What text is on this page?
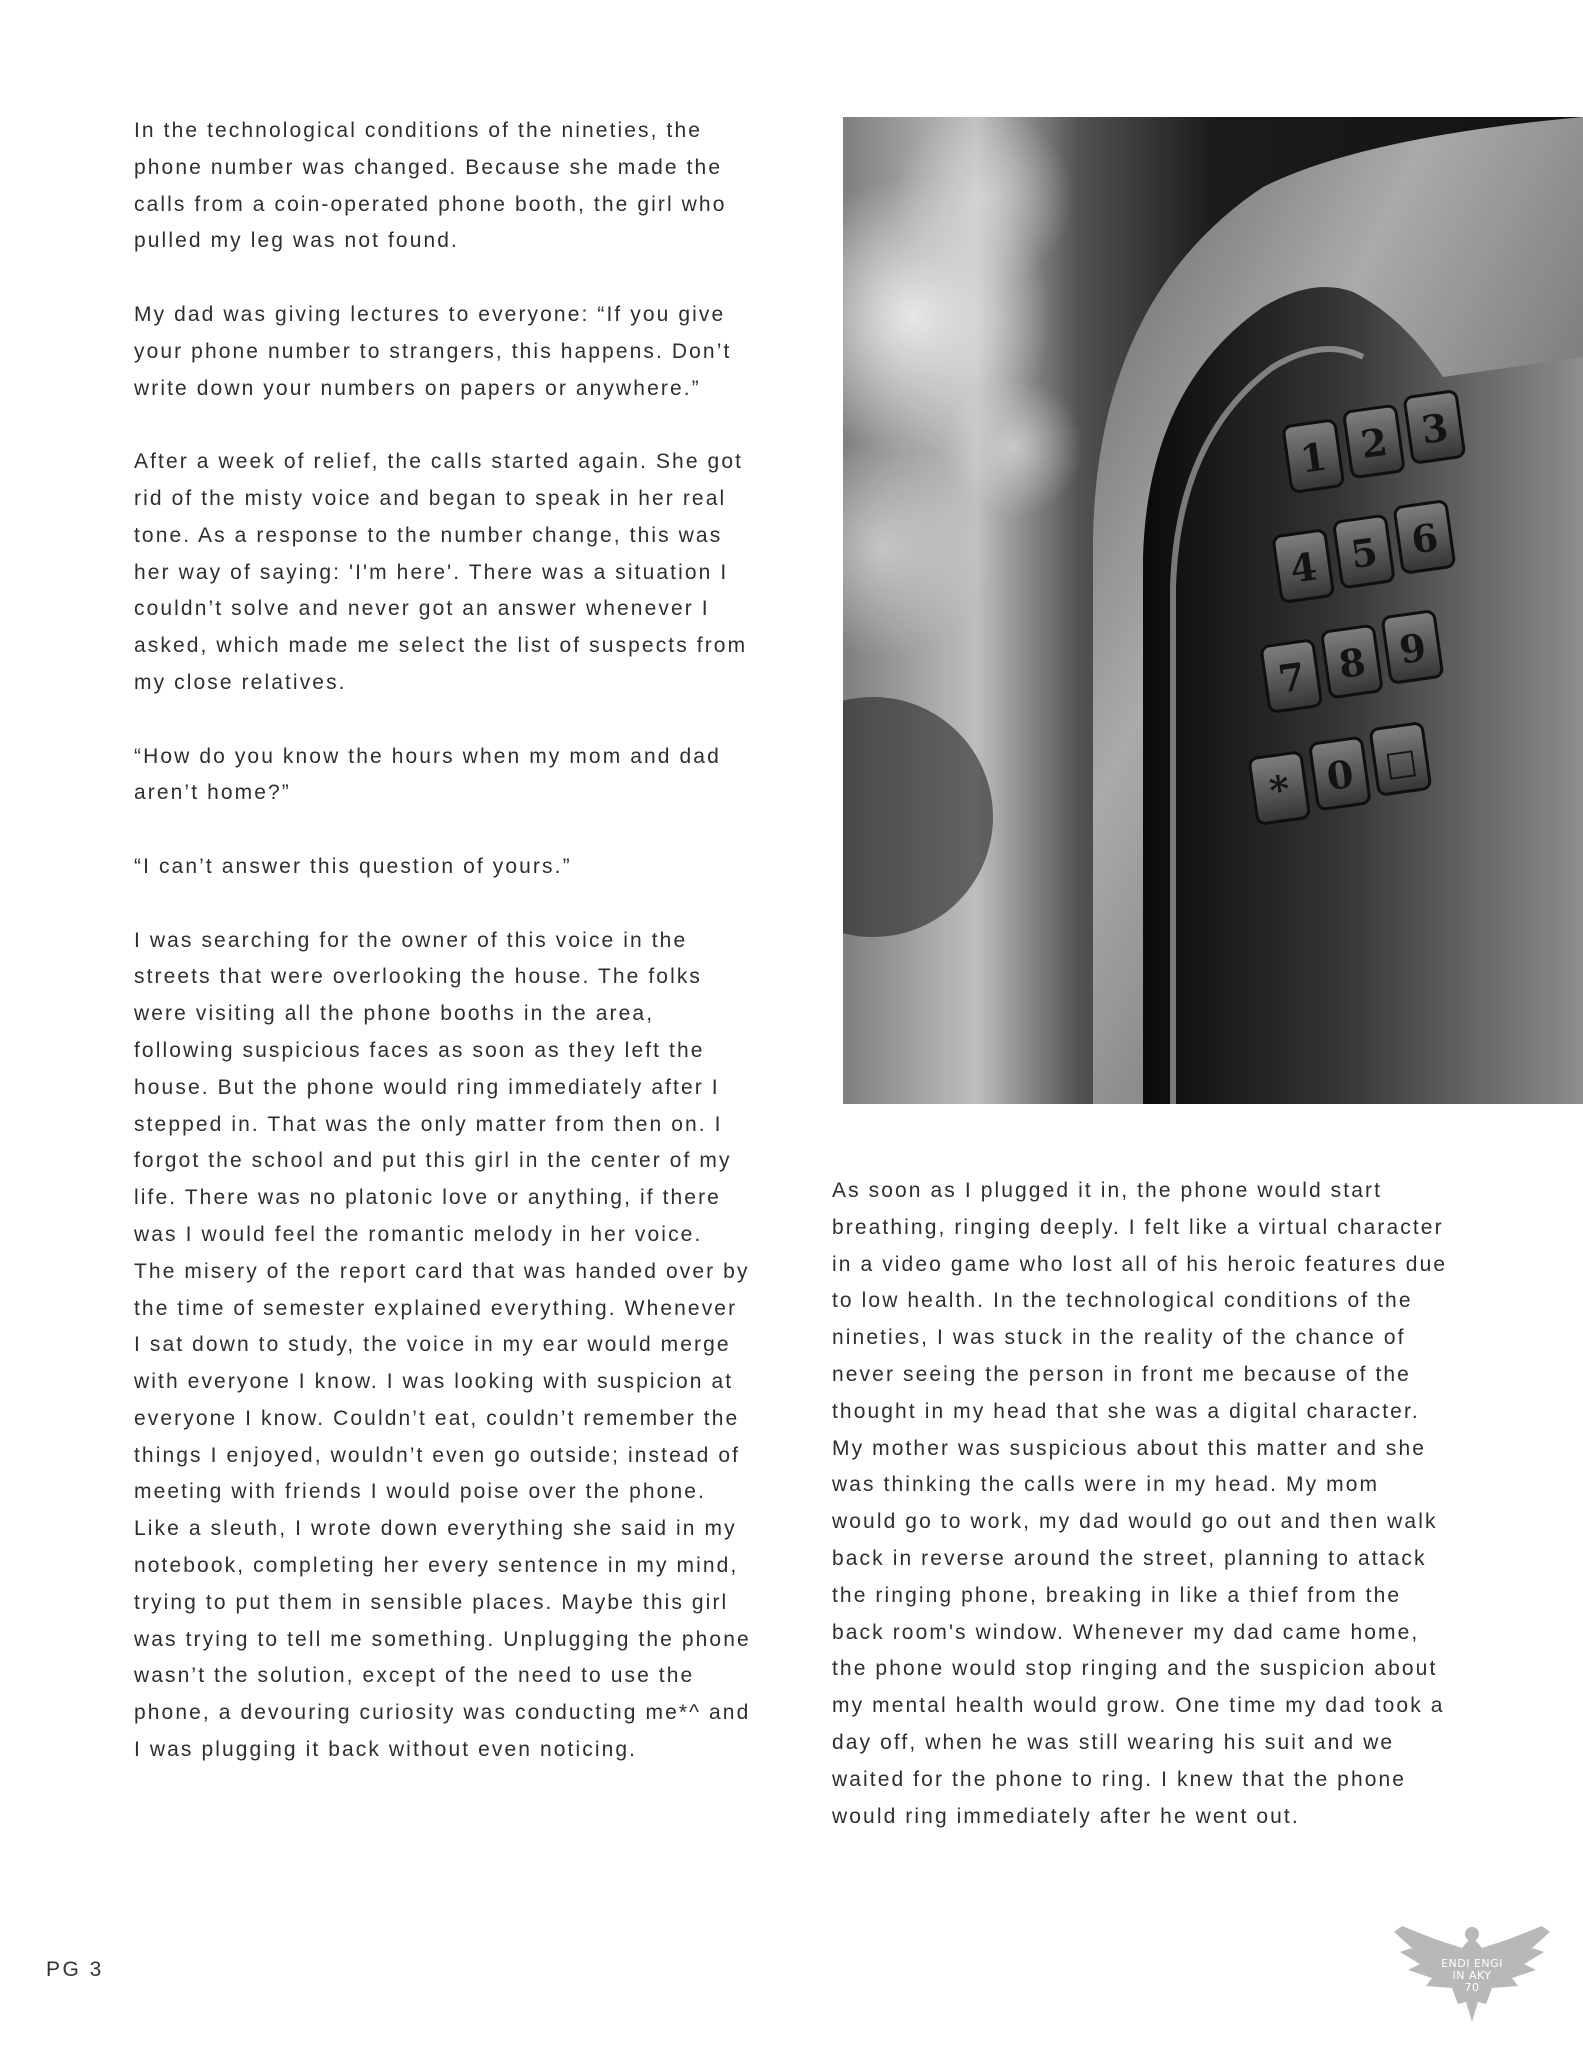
In the technological conditions of the nineties, the phone number was changed. Because she made the calls from a coin-operated phone booth, the girl who pulled my leg was not found.

My dad was giving lectures to everyone: “If you give your phone number to strangers, this happens. Don’t write down your numbers on papers or anywhere.”

After a week of relief, the calls started again. She got rid of the misty voice and began to speak in her real tone. As a response to the number change, this was her way of saying: 'I'm here'. There was a situation I couldn’t solve and never got an answer whenever I asked, which made me select the list of suspects from my close relatives.

“How do you know the hours when my mom and dad aren’t home?”

“I can’t answer this question of yours.”

I was searching for the owner of this voice in the streets that were overlooking the house. The folks were visiting all the phone booths in the area, following suspicious faces as soon as they left the house. But the phone would ring immediately after I stepped in. That was the only matter from then on. I forgot the school and put this girl in the center of my life. There was no platonic love or anything, if there was I would feel the romantic melody in her voice. The misery of the report card that was handed over by the time of semester explained everything. Whenever I sat down to study, the voice in my ear would merge with everyone I know. I was looking with suspicion at everyone I know. Couldn’t eat, couldn’t remember the things I enjoyed, wouldn’t even go outside; instead of meeting with friends I would poise over the phone. Like a sleuth, I wrote down everything she said in my notebook, completing her every sentence in my mind, trying to put them in sensible places. Maybe this girl was trying to tell me something. Unplugging the phone wasn’t the solution, except of the need to use the phone, a devouring curiosity was conducting me*^ and I was plugging it back without even noticing.

1 2 3
4 5 6
7 8 9
* 0 □

As soon as I plugged it in, the phone would start breathing, ringing deeply. I felt like a virtual character in a video game who lost all of his heroic features due to low health. In the technological conditions of the nineties, I was stuck in the reality of the chance of never seeing the person in front me because of the thought in my head that she was a digital character. My mother was suspicious about this matter and she was thinking the calls were in my head. My mom would go to work, my dad would go out and then walk back in reverse around the street, planning to attack the ringing phone, breaking in like a thief from the back room's window. Whenever my dad came home, the phone would stop ringing and the suspicion about my mental health would grow. One time my dad took a day off, when he was still wearing his suit and we waited for the phone to ring. I knew that the phone would ring immediately after he went out.

PG 3	ENDI ENGI
IN AKY
70
